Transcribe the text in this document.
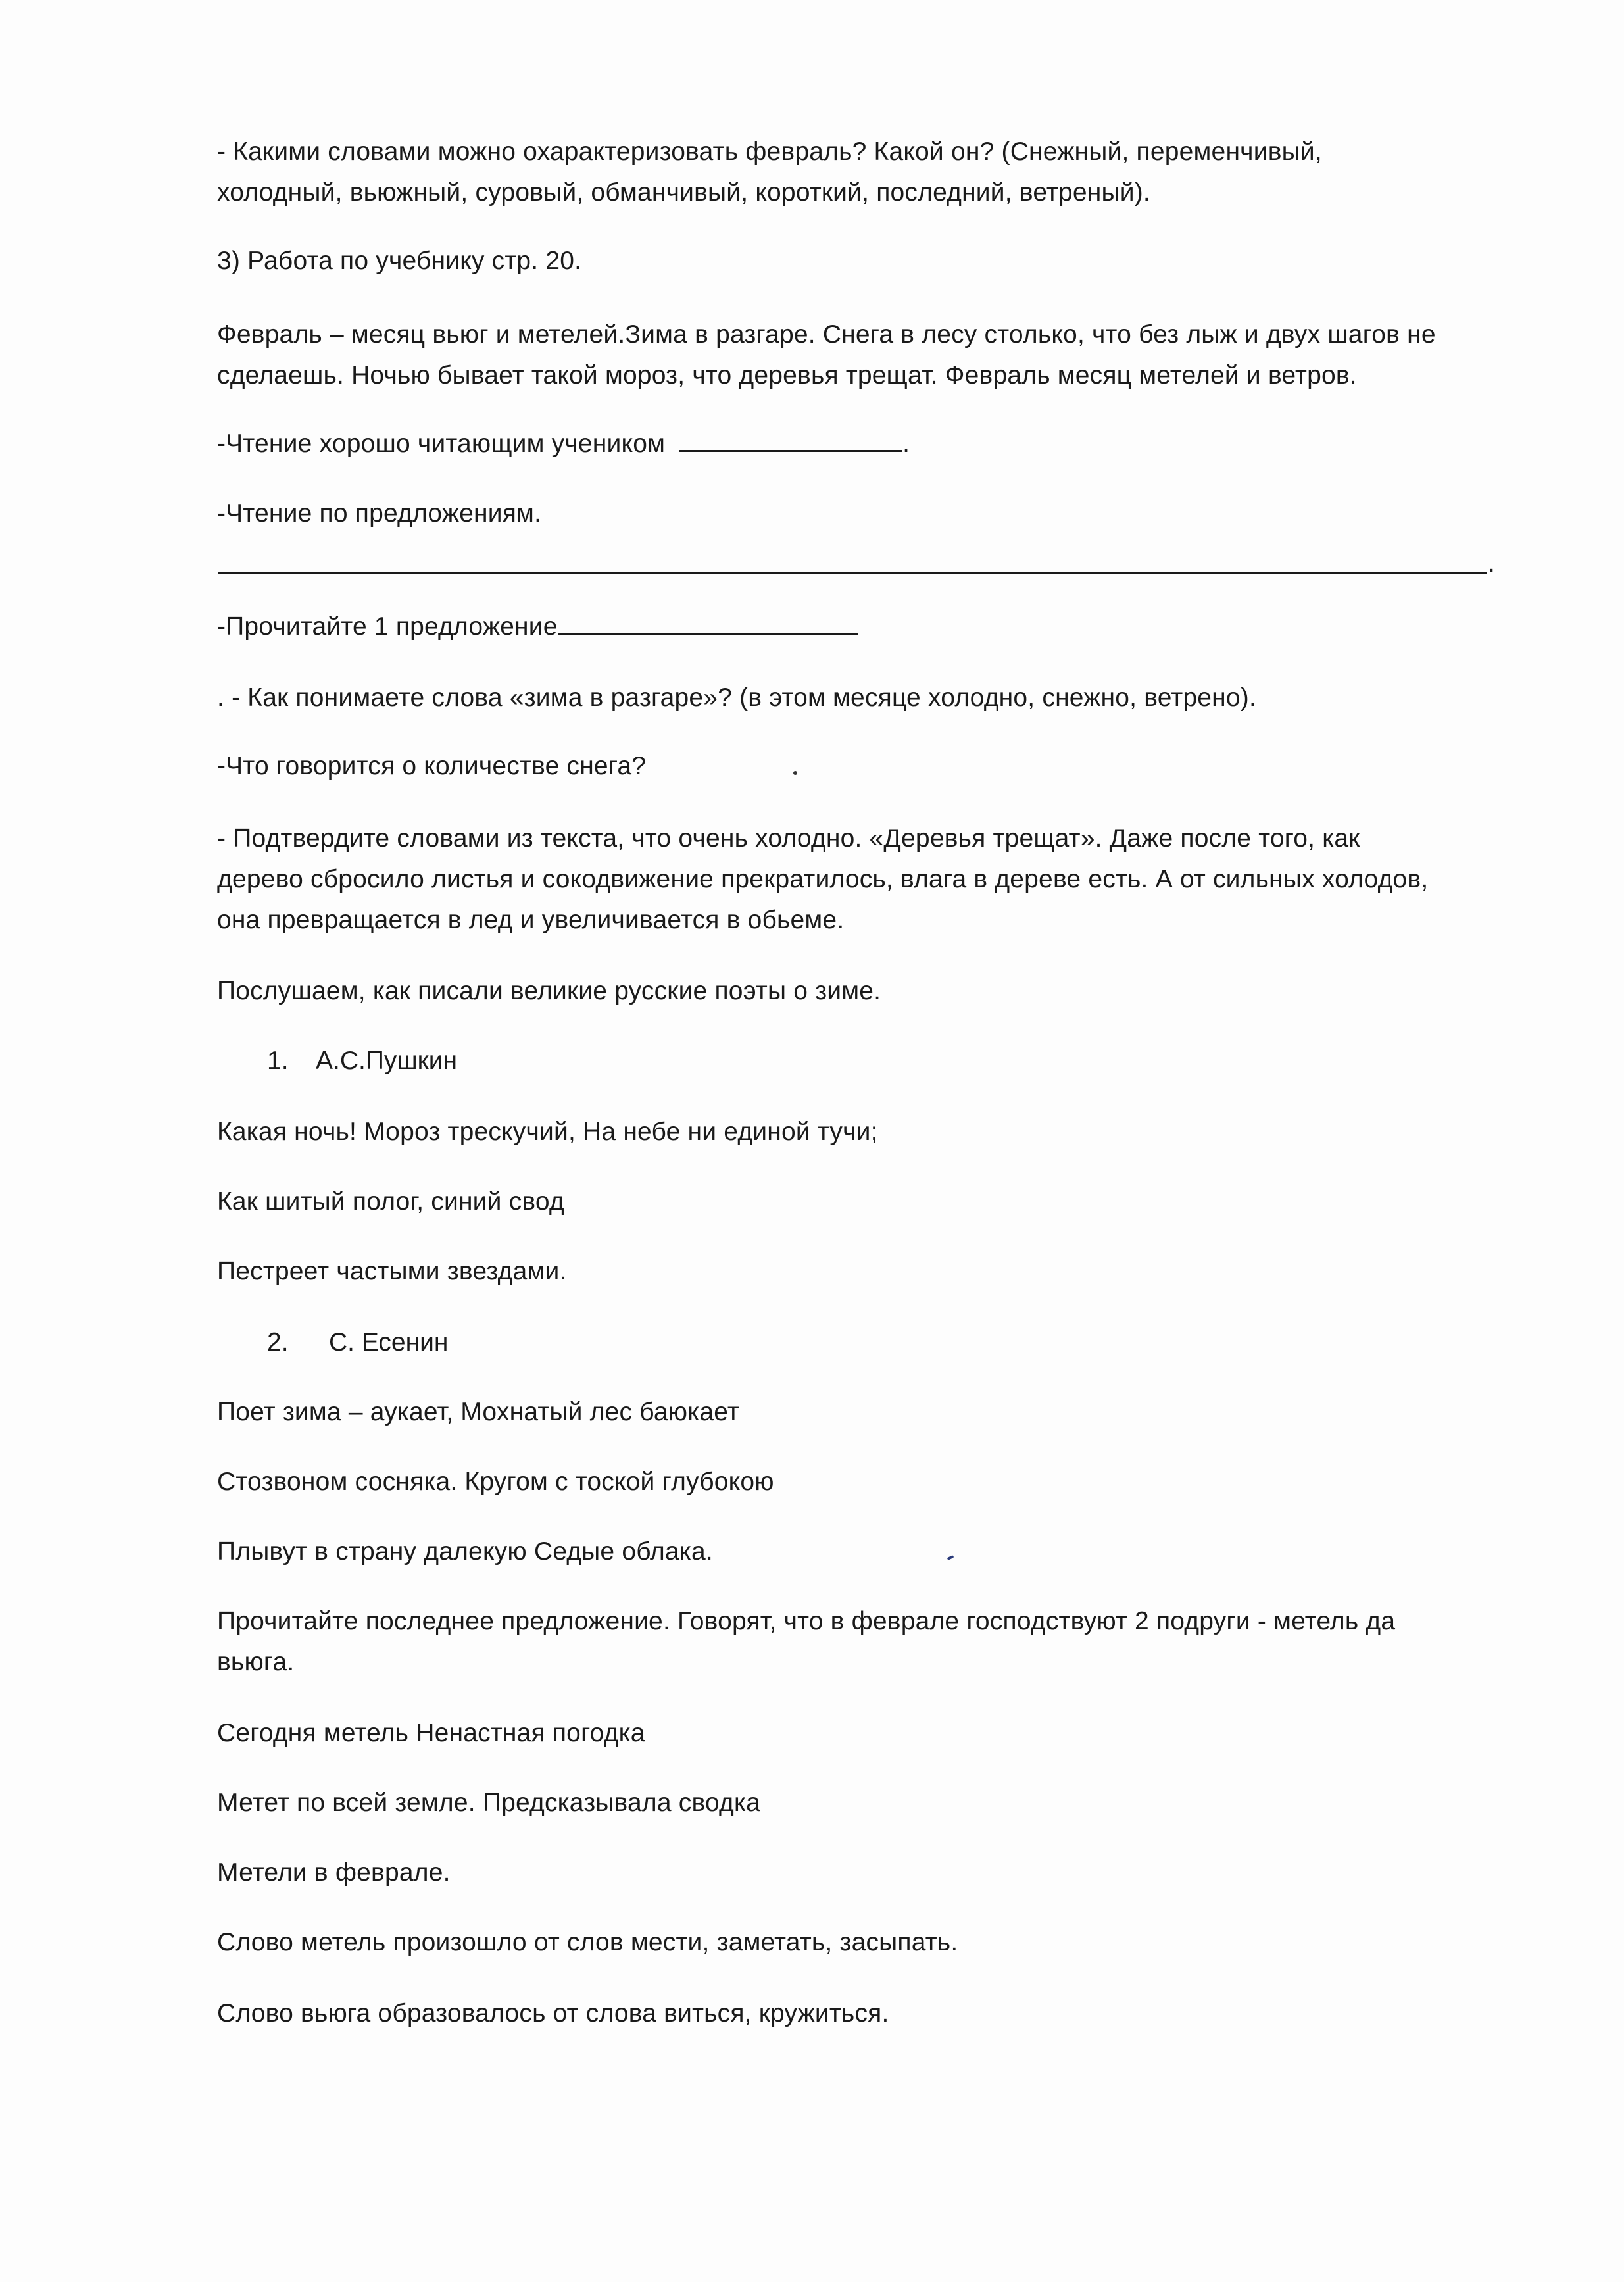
- Какими словами можно охарактеризовать февраль? Какой он? (Снежный, переменчивый,
холодный, вьюжный, суровый, обманчивый, короткий, последний, ветреный).
3) Работа по учебнику стр. 20.
Февраль – месяц вьюг и метелей.Зима в разгаре. Снега в лесу столько, что без лыж и двух шагов не
сделаешь. Ночью бывает такой мороз, что деревья трещат. Февраль месяц метелей и ветров.
-Чтение хорошо читающим учеником	.
-Чтение по предложениям.
.
-Прочитайте 1 предложение
. - Как понимаете слова «зима в разгаре»? (в этом месяце холодно, снежно, ветрено).
-Что говорится о количестве снега?
- Подтвердите словами из текста, что очень холодно. «Деревья трещат». Даже после того, как
дерево сбросило листья и сокодвижение прекратилось, влага в дереве есть. А от сильных холодов,
она превращается в лед и увеличивается в обьеме.
Послушаем, как писали великие русские поэты о зиме.
1. А.С.Пушкин
Какая ночь! Мороз трескучий, На небе ни единой тучи;
Как шитый полог, синий свод
Пестреет частыми звездами.
2. С. Есенин
Поет зима – аукает, Мохнатый лес баюкает
Стозвоном сосняка. Кругом с тоской глубокою
Плывут в страну далекую Седые облака.
Прочитайте последнее предложение. Говорят, что в феврале господствуют 2 подруги - метель да
вьюга.
Сегодня метель Ненастная погодка
Метет по всей земле. Предсказывала сводка
Метели в феврале.
Слово метель произошло от слов мести, заметать, засыпать.
Слово вьюга образовалось от слова виться, кружиться.
